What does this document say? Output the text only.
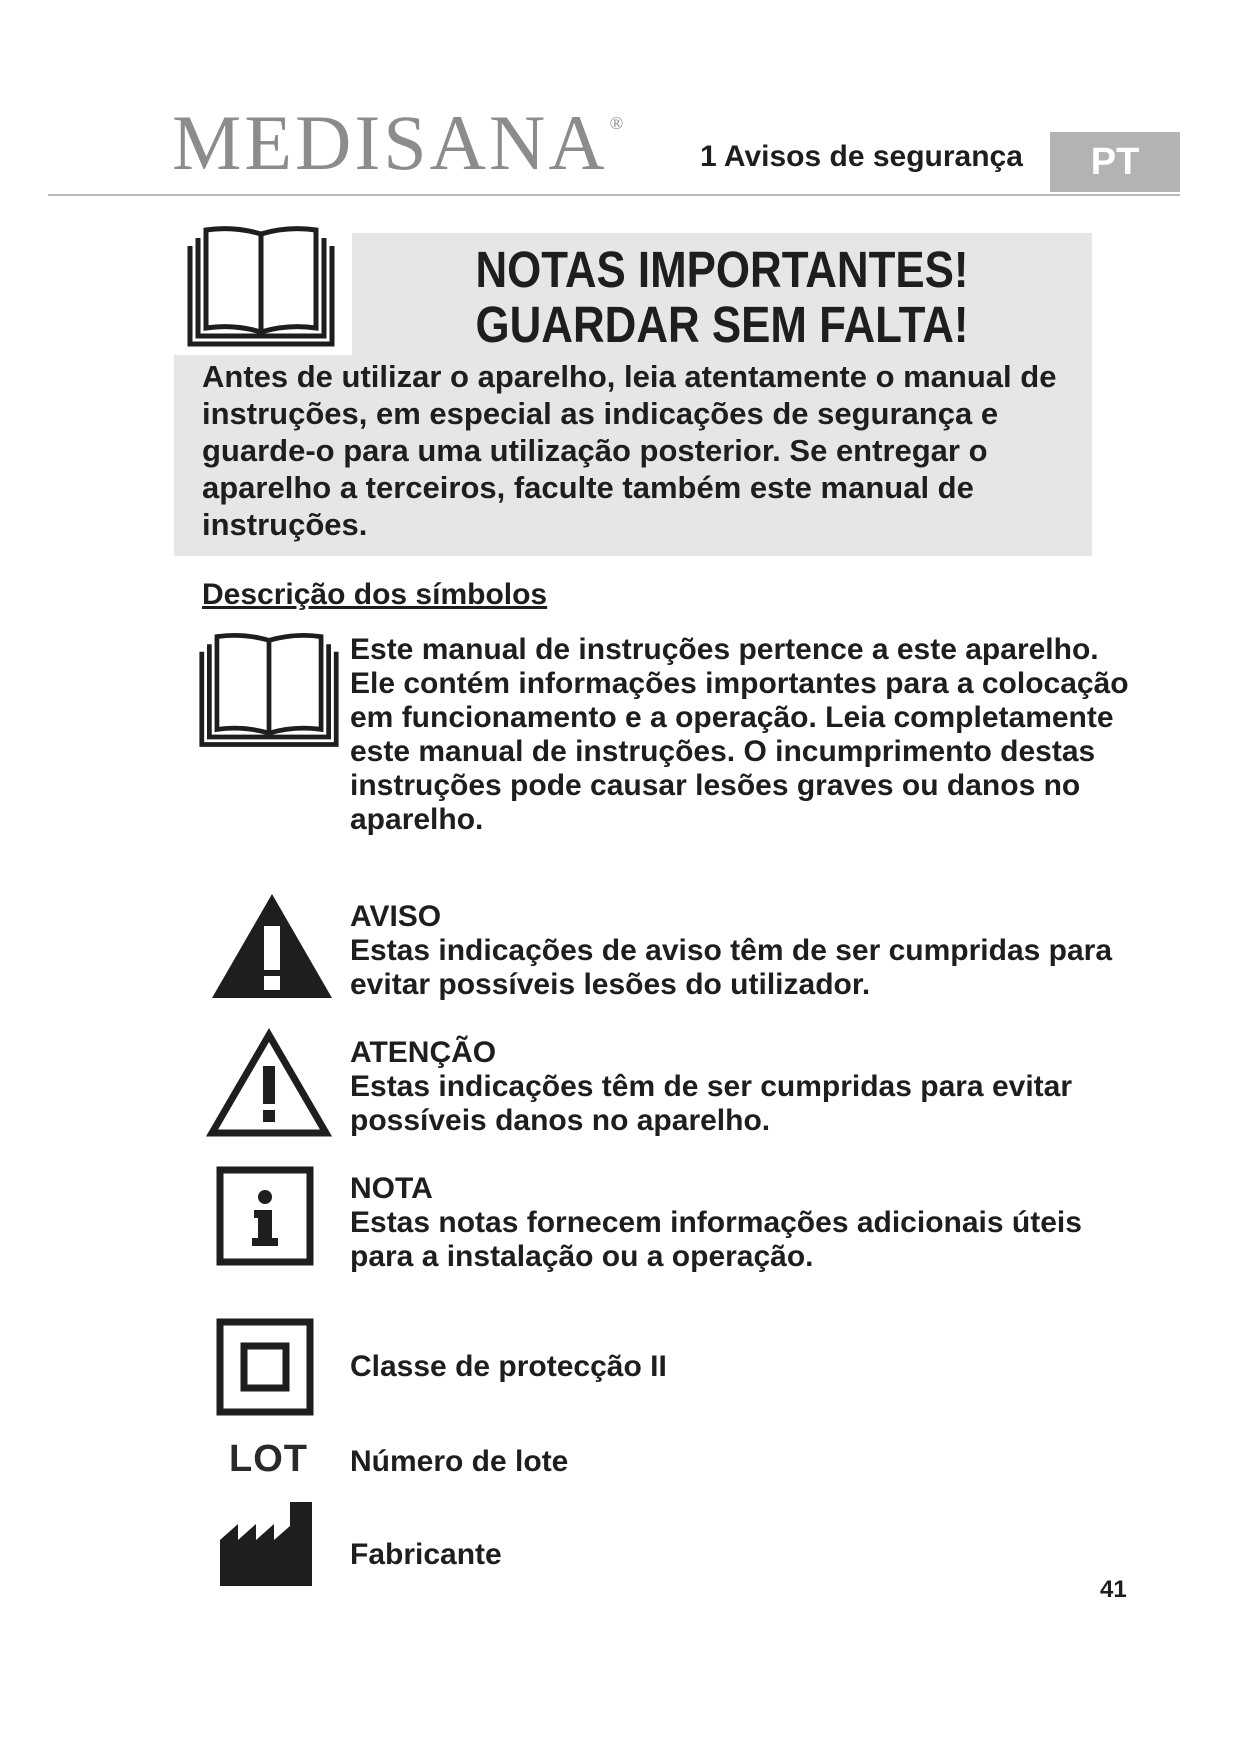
MEDISANA ®
1 Avisos de segurança	PT
NOTAS IMPORTANTES!
GUARDAR SEM FALTA!
Antes de utilizar o aparelho, leia atentamente o manual de instruções, em especial as indicações de segurança e guarde-o para uma utilização posterior. Se entregar o aparelho a terceiros, faculte também este manual de instruções.
Descrição dos símbolos
Este manual de instruções pertence a este aparelho. Ele contém informações importantes para a colocação em funcionamento e a operação. Leia completamente este manual de instruções. O incumprimento destas instruções pode causar lesões graves ou danos no aparelho.
AVISO
Estas indicações de aviso têm de ser cumpridas para evitar possíveis lesões do utilizador.
ATENÇÃO
Estas indicações têm de ser cumpridas para evitar possíveis danos no aparelho.
NOTA
Estas notas fornecem informações adicionais úteis para a instalação ou a operação.
Classe de protecção II
LOT Número de lote
Fabricante
41
